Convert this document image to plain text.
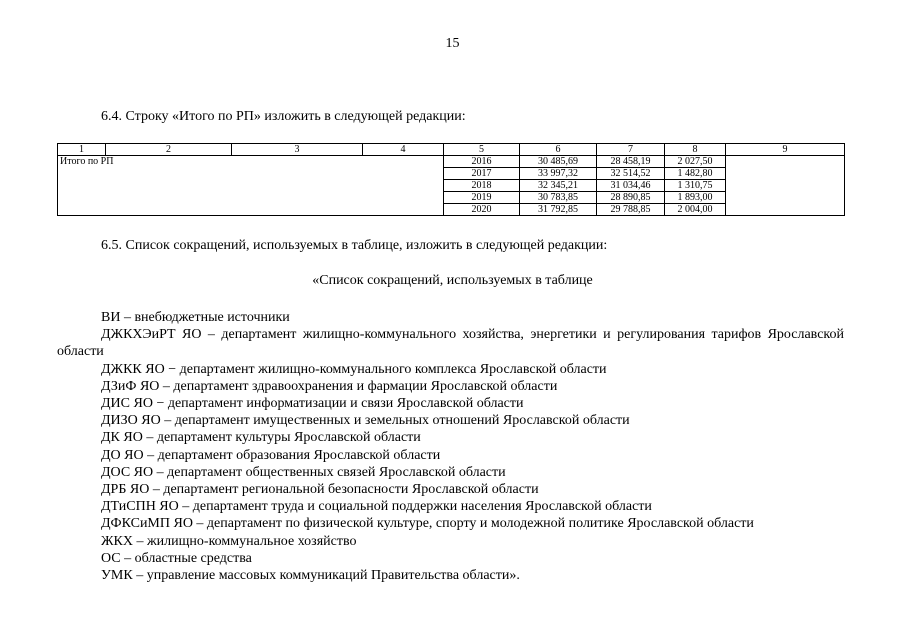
15
6.4. Строку «Итого по РП» изложить в следующей редакции:
1	2	3	4	5	6	7	8	9
Итого по РП				2016	30 485,69	28 458,19	2 027,50	
				2017	33 997,32	32 514,52	1 482,80	
				2018	32 345,21	31 034,46	1 310,75	
				2019	30 783,85	28 890,85	1 893,00	
				2020	31 792,85	29 788,85	2 004,00	
6.5. Список сокращений, используемых в таблице, изложить в следующей редакции:
«Список сокращений, используемых в таблице
ВИ – внебюджетные источники
ДЖКХЭиРТ ЯО – департамент жилищно-коммунального хозяйства, энергетики и регулирования тарифов Ярославской области
ДЖКК ЯО − департамент жилищно-коммунального комплекса Ярославской области
ДЗиФ ЯО – департамент здравоохранения и фармации Ярославской области
ДИС ЯО − департамент информатизации и связи Ярославской области
ДИЗО ЯО – департамент имущественных и земельных отношений Ярославской области
ДК ЯО – департамент культуры Ярославской области
ДО ЯО – департамент образования Ярославской области
ДОС ЯО – департамент общественных связей Ярославской области
ДРБ ЯО – департамент региональной безопасности Ярославской области
ДТиСПН ЯО – департамент труда и социальной поддержки населения Ярославской области
ДФКСиМП ЯО – департамент по физической культуре, спорту и молодежной политике Ярославской области
ЖКХ – жилищно-коммунальное хозяйство
ОС – областные средства
УМК – управление массовых коммуникаций Правительства области».
